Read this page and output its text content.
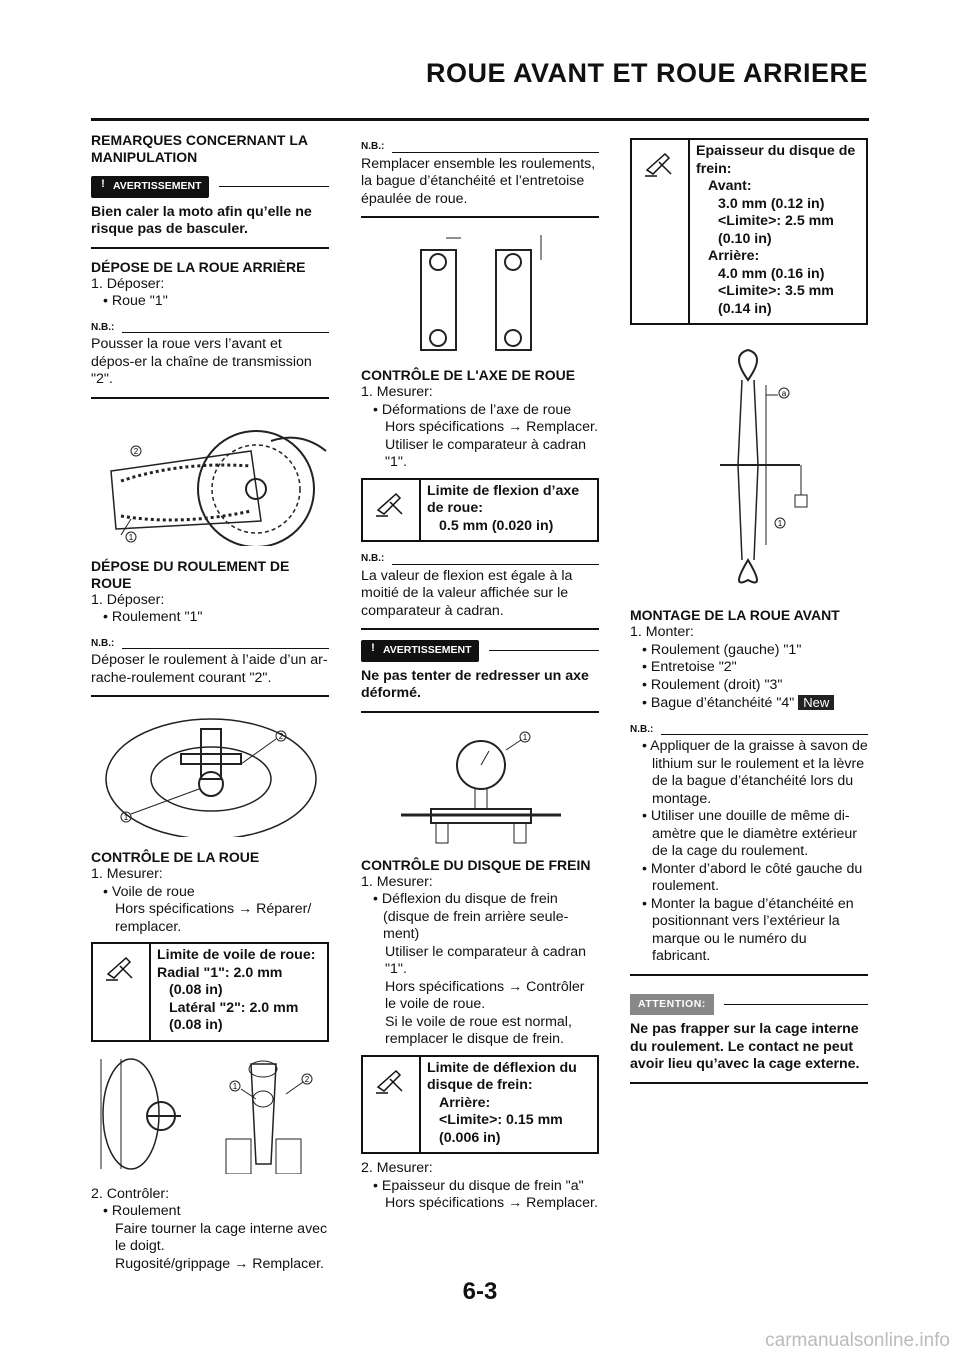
ROUE AVANT ET ROUE ARRIERE

REMARQUES CONCERNANT LA MANIPULATION

! AVERTISSEMENT
Bien caler la moto afin qu’elle ne risque pas de basculer.

DÉPOSE DE LA ROUE ARRIÈRE

1. Déposer:

• Roue "1"

N.B.:

Pousser la roue vers l’avant et dépos-er la chaîne de transmission "2".

1
2

DÉPOSE DU ROULEMENT DE ROUE

1. Déposer:

• Roulement "1"

N.B.:

Déposer le roulement à l’aide d’un ar-rache-roulement courant "2".

2
1

CONTRÔLE DE LA ROUE

1. Mesurer:

• Voile de roue

Hors spécifications → Réparer/ remplacer.

Limite de voile de roue:
Radial "1": 2.0 mm
(0.08 in)
Latéral "2": 2.0 mm
(0.08 in)
2
1

2. Contrôler:

• Roulement

Faire tourner la cage interne avec le doigt.

Rugosité/grippage → Remplacer.

N.B.:

Remplacer ensemble les roulements, la bague d’étanchéité et l’entretoise épaulée de roue.

CONTRÔLE DE L'AXE DE ROUE

1. Mesurer:

• Déformations de l’axe de roue

Hors spécifications → Remplacer.

Utiliser le comparateur à cadran "1".

Limite de flexion d’axe de roue:
0.5 mm (0.020 in)
N.B.:

La valeur de flexion est égale à la moitié de la valeur affichée sur le comparateur à cadran.

! AVERTISSEMENT
Ne pas tenter de redresser un axe déformé.
1

CONTRÔLE DU DISQUE DE FREIN

1. Mesurer:

• Déflexion du disque de frein (disque de frein arrière seule-ment)

Utiliser le comparateur à cadran "1".

Hors spécifications → Contrôler le voile de roue.

Si le voile de roue est normal, remplacer le disque de frein.

Limite de déflexion du disque de frein:
Arrière:
<Limite>: 0.15 mm
(0.006 in)

2. Mesurer:

• Epaisseur du disque de frein "a"

Hors spécifications → Remplacer.

Epaisseur du disque de frein:
Avant:
3.0 mm (0.12 in)
<Limite>: 2.5 mm
(0.10 in)
Arrière:
4.0 mm (0.16 in)
<Limite>: 3.5 mm
(0.14 in)
a
1

MONTAGE DE LA ROUE AVANT

1. Monter:

• Roulement (gauche) "1"

• Entretoise "2"

• Roulement (droit) "3"

• Bague d’étanchéité "4" New

N.B.:

• Appliquer de la graisse à savon de lithium sur le roulement et la lèvre de la bague d’étanchéité lors du montage.

• Utiliser une douille de même di-amètre que le diamètre extérieur de la cage du roulement.

• Monter d’abord le côté gauche du roulement.

• Monter la bague d’étanchéité en positionnant vers l’extérieur la marque ou le numéro du fabricant.

ATTENTION:
Ne pas frapper sur la cage interne du roulement. Le contact ne peut avoir lieu qu’avec la cage externe.
6-3
carmanualsonline.info
